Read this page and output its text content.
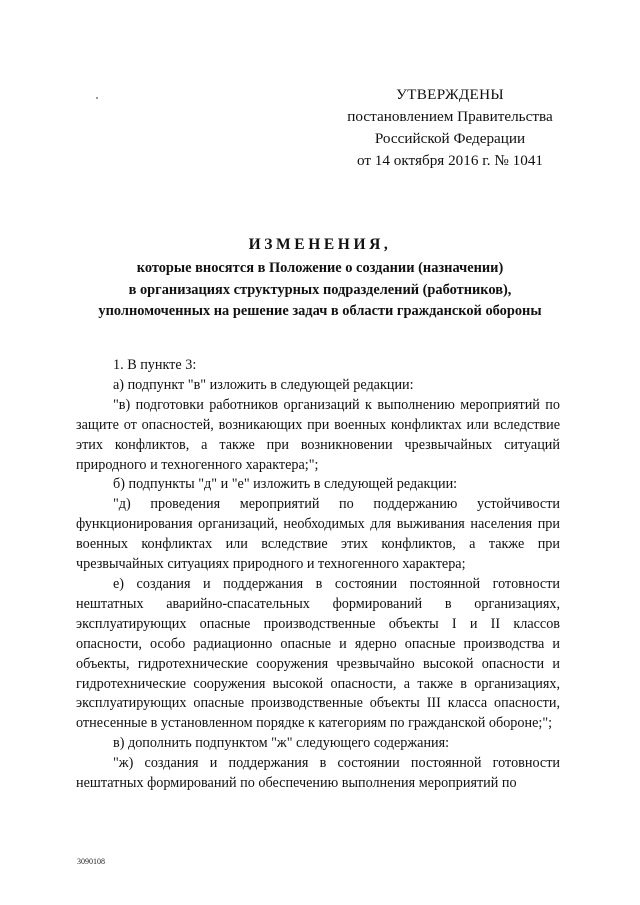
УТВЕРЖДЕНЫ
постановлением Правительства
Российской Федерации
от 14 октября 2016 г. № 1041
ИЗМЕНЕНИЯ,
которые вносятся в Положение о создании (назначении)
в организациях структурных подразделений (работников),
уполномоченных на решение задач в области гражданской обороны

1. В пункте 3:

а) подпункт "в" изложить в следующей редакции:

"в) подготовки работников организаций к выполнению мероприятий по защите от опасностей, возникающих при военных конфликтах или вследствие этих конфликтов, а также при возникновении чрезвычайных ситуаций природного и техногенного характера;";

б) подпункты "д" и "е" изложить в следующей редакции:

"д) проведения мероприятий по поддержанию устойчивости функционирования организаций, необходимых для выживания населения при военных конфликтах или вследствие этих конфликтов, а также при чрезвычайных ситуациях природного и техногенного характера;

е) создания и поддержания в состоянии постоянной готовности нештатных аварийно-спасательных формирований в организациях, эксплуатирующих опасные производственные объекты I и II классов опасности, особо радиационно опасные и ядерно опасные производства и объекты, гидротехнические сооружения чрезвычайно высокой опасности и гидротехнические сооружения высокой опасности, а также в организациях, эксплуатирующих опасные производственные объекты III класса опасности, отнесенные в установленном порядке к категориям по гражданской обороне;";

в) дополнить подпунктом "ж" следующего содержания:

"ж) создания и поддержания в состоянии постоянной готовности нештатных формирований по обеспечению выполнения мероприятий по

3090108
